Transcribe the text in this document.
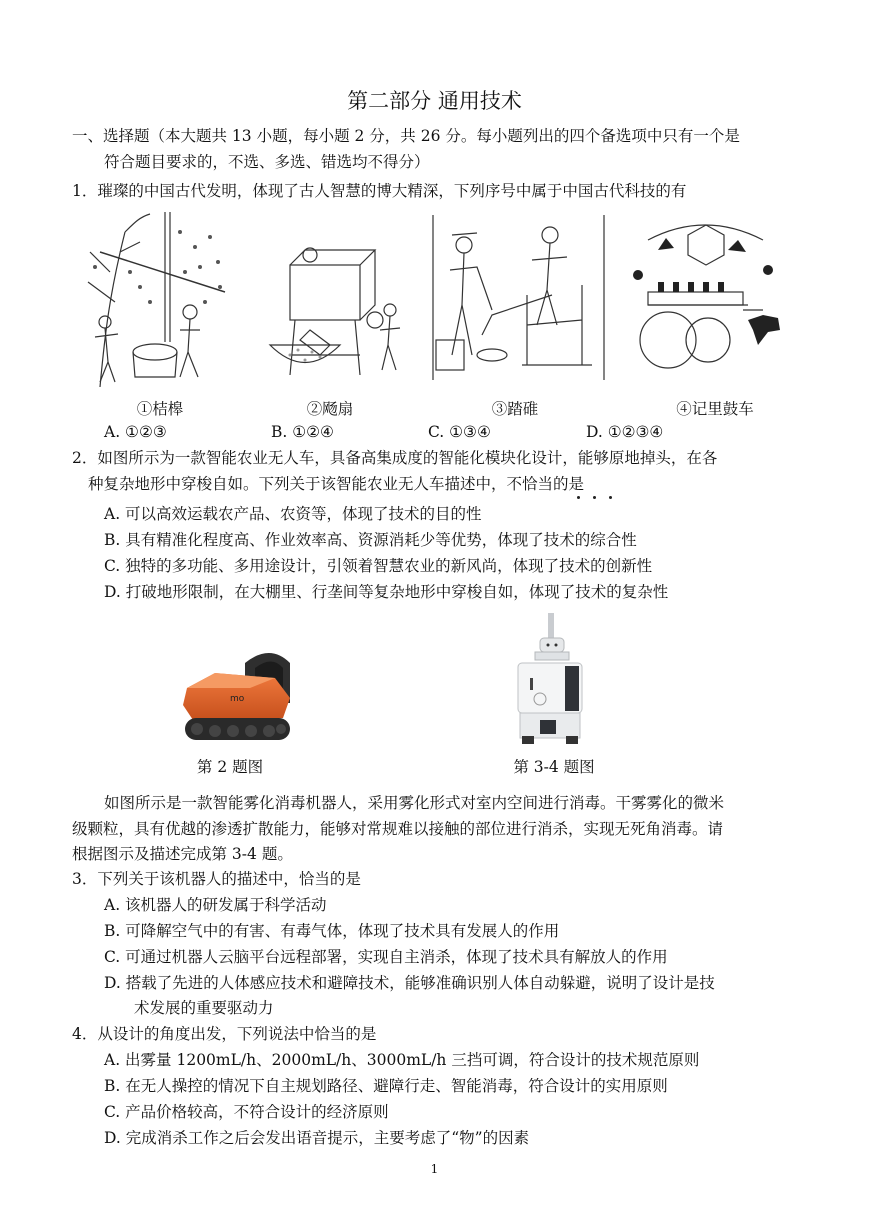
第二部分 通用技术
一、选择题（本大题共 13 小题，每小题 2 分，共 26 分。每小题列出的四个备选项中只有一个是
符合题目要求的，不选、多选、错选均不得分）
1．璀璨的中国古代发明，体现了古人智慧的博大精深，下列序号中属于中国古代科技的有
①桔槔	②飏扇	③踏碓	④记里鼓车
A. ①②③	B. ①②④	C. ①③④	D. ①②③④
2．如图所示为一款智能农业无人车，具备高集成度的智能化模块化设计，能够原地掉头，在各
种复杂地形中穿梭自如。下列关于该智能农业无人车描述中，不恰当的是
A. 可以高效运载农产品、农资等，体现了技术的目的性
B. 具有精准化程度高、作业效率高、资源消耗少等优势，体现了技术的综合性
C. 独特的多功能、多用途设计，引领着智慧农业的新风尚，体现了技术的创新性
D. 打破地形限制，在大棚里、行垄间等复杂地形中穿梭自如，体现了技术的复杂性
mo
第 2 题图	第 3-4 题图
如图所示是一款智能雾化消毒机器人，采用雾化形式对室内空间进行消毒。干雾雾化的微米
级颗粒，具有优越的渗透扩散能力，能够对常规难以接触的部位进行消杀，实现无死角消毒。请
根据图示及描述完成第 3-4 题。
3．下列关于该机器人的描述中，恰当的是
A. 该机器人的研发属于科学活动
B. 可降解空气中的有害、有毒气体，体现了技术具有发展人的作用
C. 可通过机器人云脑平台远程部署，实现自主消杀，体现了技术具有解放人的作用
D. 搭载了先进的人体感应技术和避障技术，能够准确识别人体自动躲避，说明了设计是技
术发展的重要驱动力
4．从设计的角度出发，下列说法中恰当的是
A. 出雾量 1200mL/h、2000mL/h、3000mL/h 三挡可调，符合设计的技术规范原则
B. 在无人操控的情况下自主规划路径、避障行走、智能消毒，符合设计的实用原则
C. 产品价格较高，不符合设计的经济原则
D. 完成消杀工作之后会发出语音提示，主要考虑了“物”的因素
1
